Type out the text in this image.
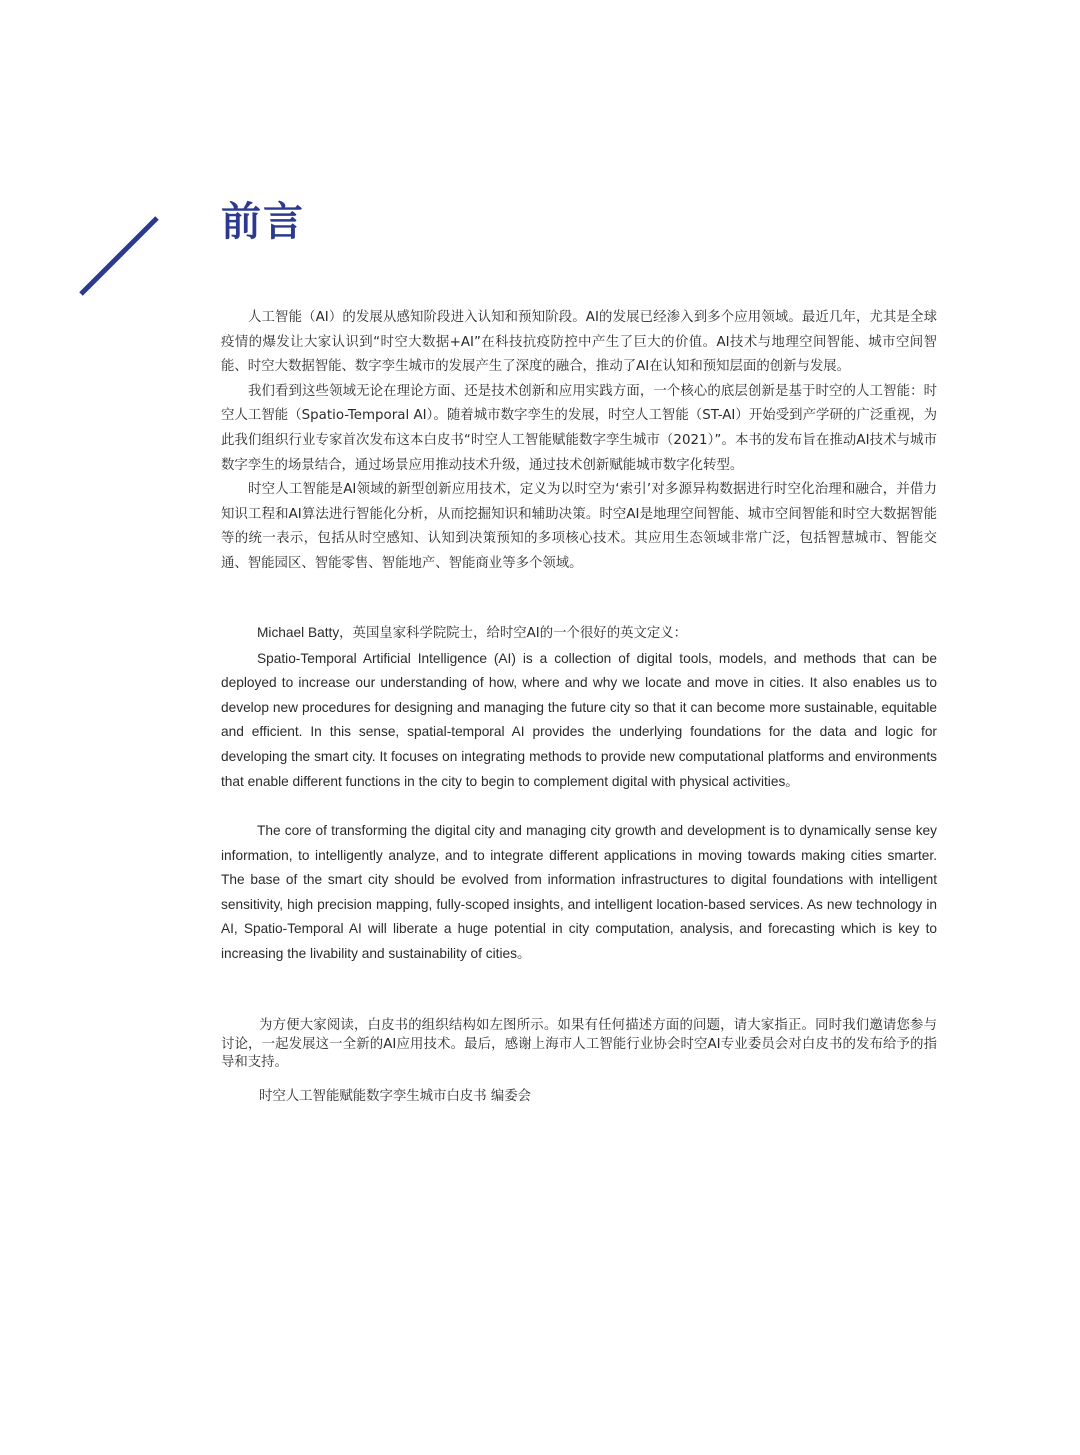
前言

人工智能（AI）的发展从感知阶段进入认知和预知阶段。AI的发展已经渗入到多个应用领域。最近几年，尤其是全球疫情的爆发让大家认识到“时空大数据+AI”在科技抗疫防控中产生了巨大的价值。AI技术与地理空间智能、城市空间智能、时空大数据智能、数字孪生城市的发展产生了深度的融合，推动了AI在认知和预知层面的创新与发展。

我们看到这些领域无论在理论方面、还是技术创新和应用实践方面，一个核心的底层创新是基于时空的人工智能：时空人工智能（Spatio-Temporal AI）。随着城市数字孪生的发展，时空人工智能（ST-AI）开始受到产学研的广泛重视，为此我们组织行业专家首次发布这本白皮书“时空人工智能赋能数字孪生城市（2021）”。本书的发布旨在推动AI技术与城市数字孪生的场景结合，通过场景应用推动技术升级，通过技术创新赋能城市数字化转型。

时空人工智能是AI领域的新型创新应用技术，定义为以时空为‘索引’对多源异构数据进行时空化治理和融合，并借力知识工程和AI算法进行智能化分析，从而挖掘知识和辅助决策。时空AI是地理空间智能、城市空间智能和时空大数据智能等的统一表示，包括从时空感知、认知到决策预知的多项核心技术。其应用生态领域非常广泛，包括智慧城市、智能交通、智能园区、智能零售、智能地产、智能商业等多个领域。

Michael Batty，英国皇家科学院院士，给时空AI的一个很好的英文定义：

Spatio-Temporal Artificial Intelligence (AI) is a collection of digital tools, models, and methods that can be deployed to increase our understanding of how, where and why we locate and move in cities. It also enables us to develop new procedures for designing and managing the future city so that it can become more sustainable, equitable and efficient. In this sense, spatial-temporal AI provides the underlying foundations for the data and logic for developing the smart city. It focuses on integrating methods to provide new computational platforms and environments that enable different functions in the city to begin to complement digital with physical activities。

The core of transforming the digital city and managing city growth and development is to dynamically sense key information, to intelligently analyze, and to integrate different applications in moving towards making cities smarter. The base of the smart city should be evolved from information infrastructures to digital foundations with intelligent sensitivity, high precision mapping, fully-scoped insights, and intelligent location-based services. As new technology in AI, Spatio-Temporal AI will liberate a huge potential in city computation, analysis, and forecasting which is key to increasing the livability and sustainability of cities。

为方便大家阅读，白皮书的组织结构如左图所示。如果有任何描述方面的问题，请大家指正。同时我们邀请您参与讨论，一起发展这一全新的AI应用技术。最后，感谢上海市人工智能行业协会时空AI专业委员会对白皮书的发布给予的指导和支持。

时空人工智能赋能数字孪生城市白皮书 编委会
